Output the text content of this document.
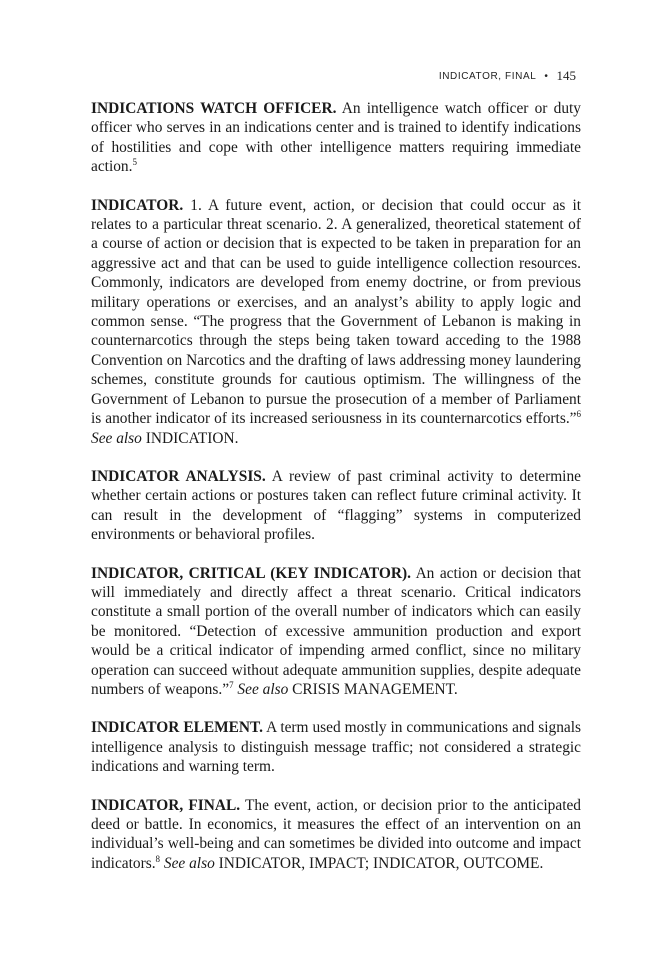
INDICATOR, FINAL • 145

INDICATIONS WATCH OFFICER. An intelligence watch officer or duty officer who serves in an indications center and is trained to identify indications of hostilities and cope with other intelligence matters requiring immediate action.$^5$

INDICATOR. 1. A future event, action, or decision that could occur as it relates to a particular threat scenario. 2. A generalized, theoretical statement of a course of action or decision that is expected to be taken in preparation for an aggressive act and that can be used to guide intelligence collection resources. Commonly, indicators are developed from enemy doctrine, or from previous military operations or exercises, and an analyst’s ability to apply logic and common sense. “The progress that the Government of Lebanon is making in counternarcotics through the steps being taken toward acceding to the 1988 Convention on Narcotics and the drafting of laws addressing money laundering schemes, constitute grounds for cautious optimism. The willingness of the Government of Lebanon to pursue the prosecution of a member of Parliament is another indicator of its increased seriousness in its counternarcotics efforts.”$^6$ See also INDICATION.

INDICATOR ANALYSIS. A review of past criminal activity to determine whether certain actions or postures taken can reflect future criminal activity. It can result in the development of “flagging” systems in computerized environments or behavioral profiles.

INDICATOR, CRITICAL (KEY INDICATOR). An action or decision that will immediately and directly affect a threat scenario. Critical indicators constitute a small portion of the overall number of indicators which can easily be monitored. “Detection of excessive ammunition production and export would be a critical indicator of impending armed conflict, since no military operation can succeed without adequate ammunition supplies, despite adequate numbers of weapons.”$^7$ See also CRISIS MANAGEMENT.

INDICATOR ELEMENT. A term used mostly in communications and signals intelligence analysis to distinguish message traffic; not considered a strategic indications and warning term.

INDICATOR, FINAL. The event, action, or decision prior to the anticipated deed or battle. In economics, it measures the effect of an intervention on an individual’s well-being and can sometimes be divided into outcome and impact indicators.$^8$ See also INDICATOR, IMPACT; INDICATOR, OUTCOME.
